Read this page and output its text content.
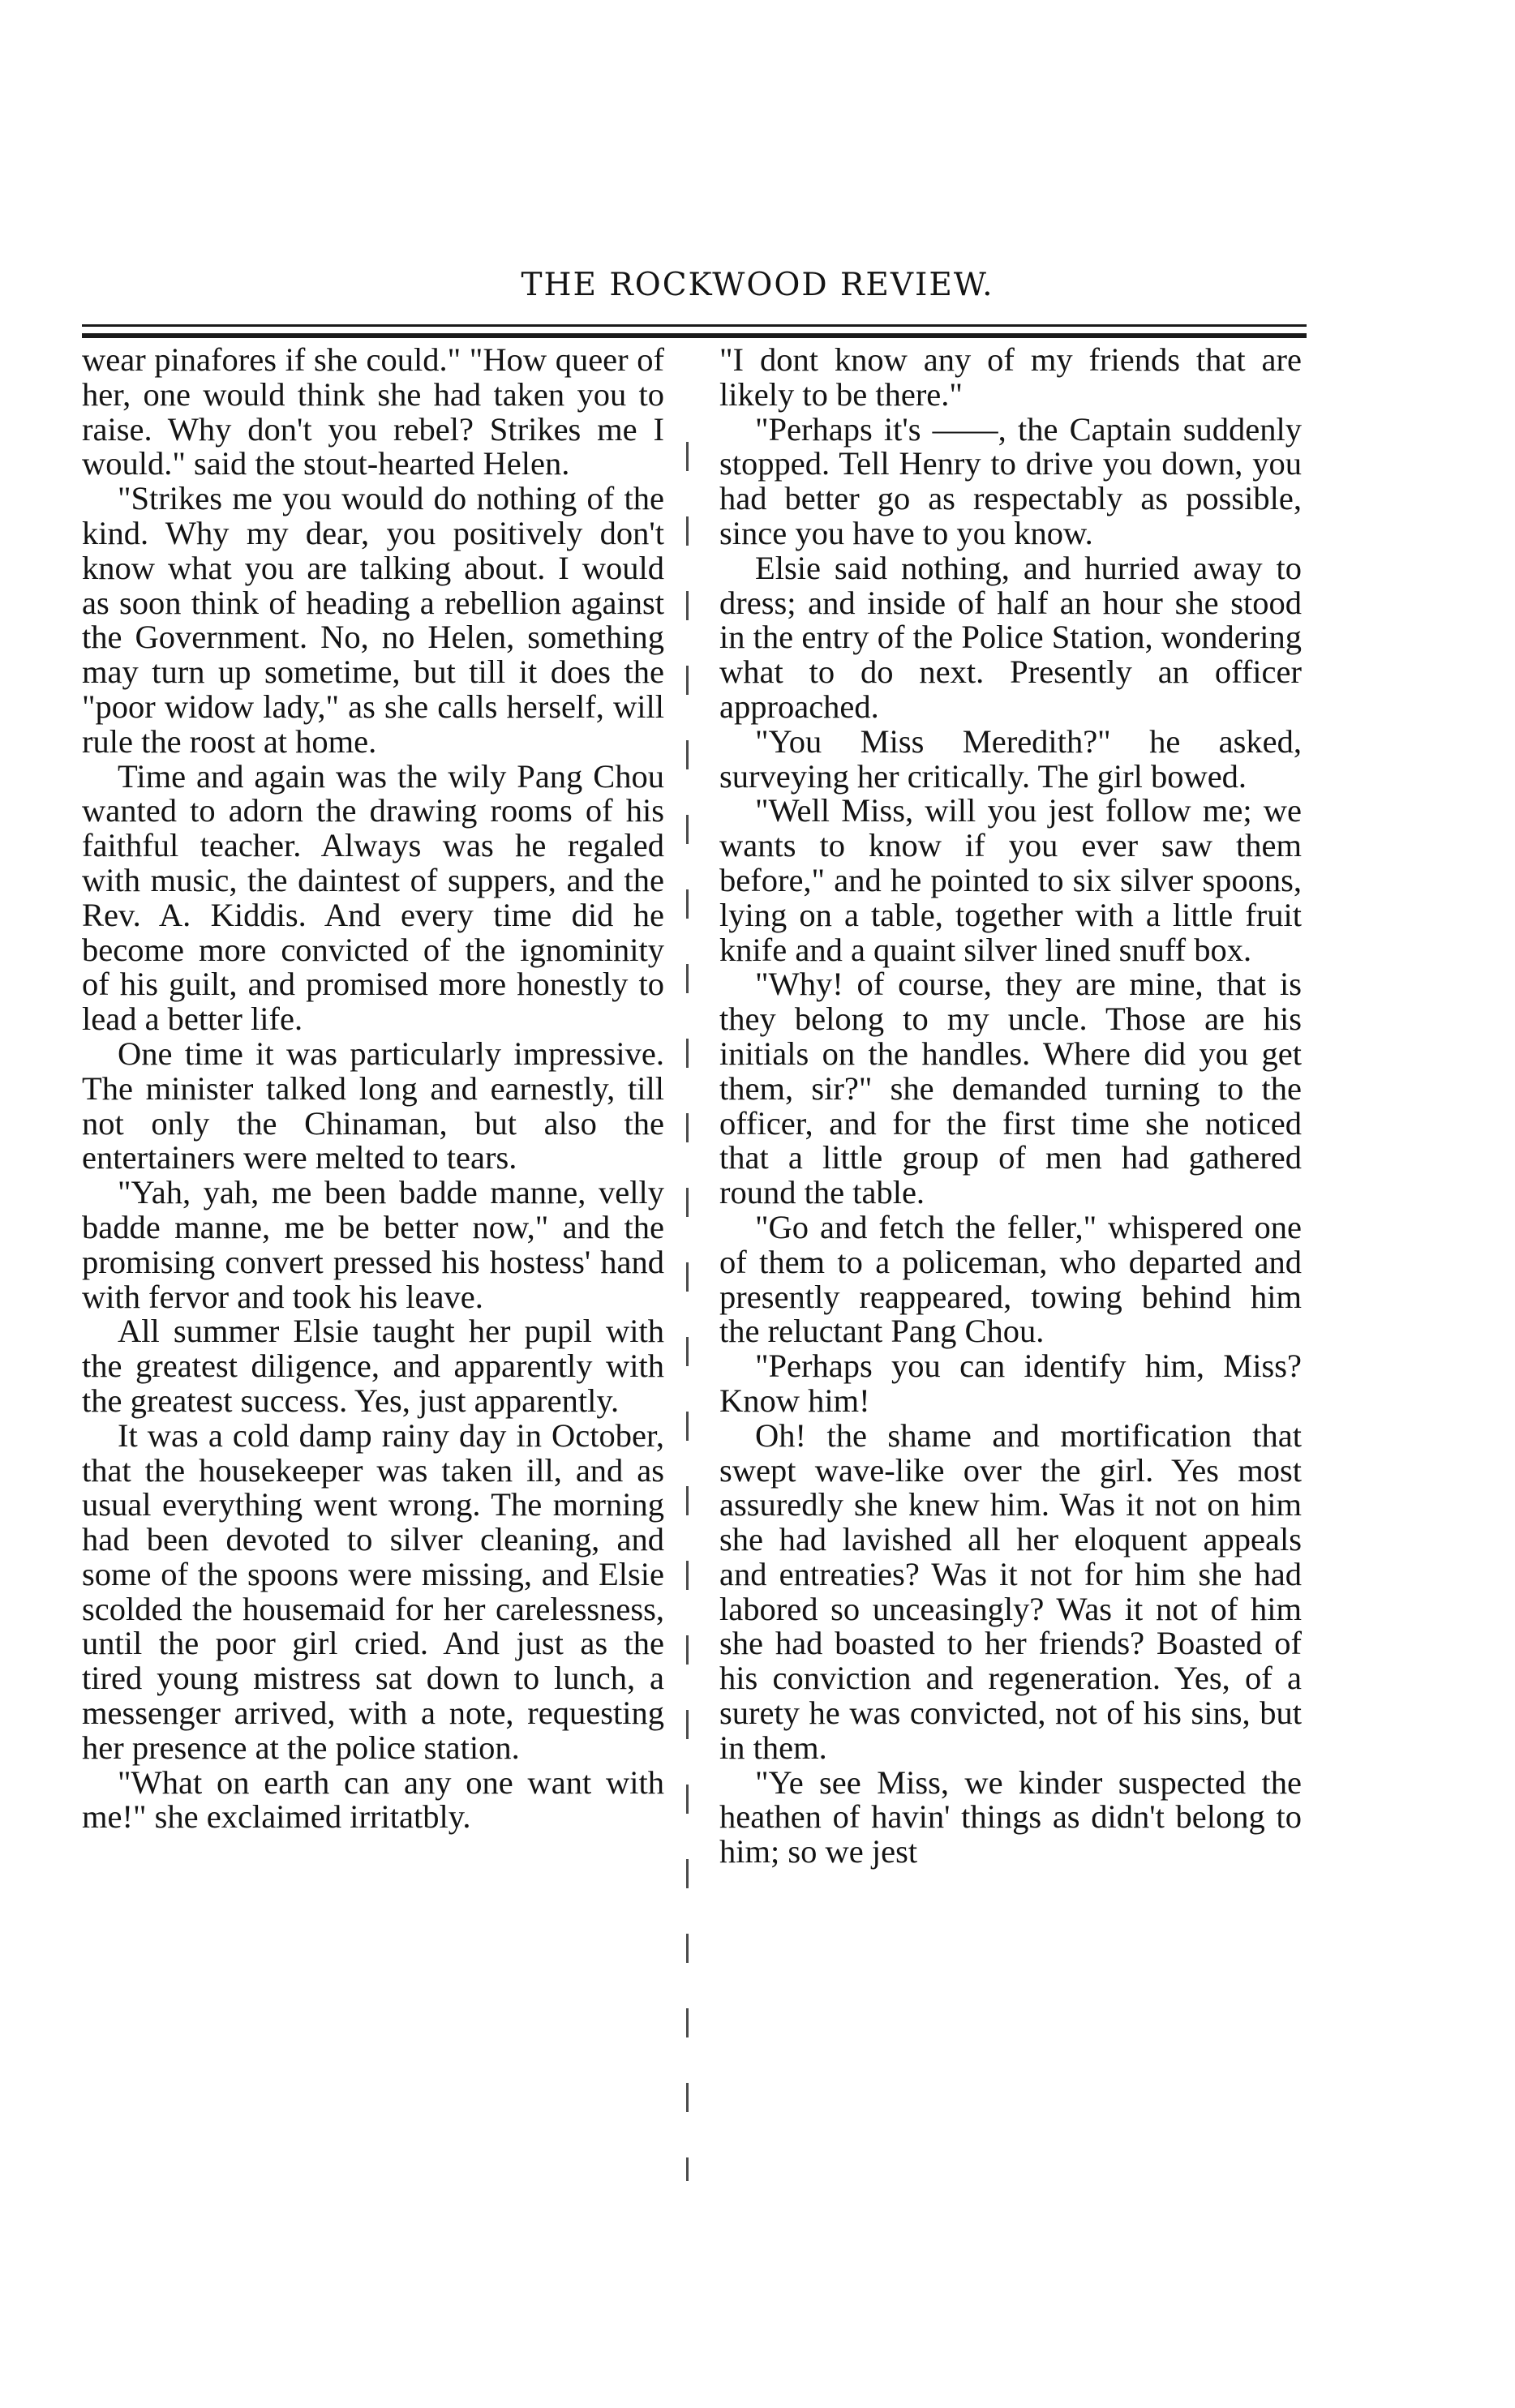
THE ROCKWOOD REVIEW.

wear pinafores if she could." "How queer of her, one would think she had taken you to raise. Why don't you rebel? Strikes me I would." said the stout-hearted Helen.

"Strikes me you would do nothing of the kind. Why my dear, you positively don't know what you are talking about. I would as soon think of heading a rebellion against the Government. No, no Helen, something may turn up sometime, but till it does the "poor widow lady," as she calls herself, will rule the roost at home.

Time and again was the wily Pang Chou wanted to adorn the drawing rooms of his faithful teacher. Always was he regaled with music, the daintest of suppers, and the Rev. A. Kiddis. And every time did he become more convicted of the ignominity of his guilt, and promised more honestly to lead a better life.

One time it was particularly impressive. The minister talked long and earnestly, till not only the Chinaman, but also the entertainers were melted to tears.

"Yah, yah, me been badde manne, velly badde manne, me be better now," and the promising convert pressed his hostess' hand with fervor and took his leave.

All summer Elsie taught her pupil with the greatest diligence, and apparently with the greatest success. Yes, just apparently.

It was a cold damp rainy day in October, that the housekeeper was taken ill, and as usual everything went wrong. The morning had been devoted to silver cleaning, and some of the spoons were missing, and Elsie scolded the housemaid for her carelessness, until the poor girl cried. And just as the tired young mistress sat down to lunch, a messenger arrived, with a note, requesting her presence at the police station.

"What on earth can any one want with me!" she exclaimed irritatbly.

"I dont know any of my friends that are likely to be there."

"Perhaps it's ——, the Captain suddenly stopped. Tell Henry to drive you down, you had better go as respectably as possible, since you have to you know.

Elsie said nothing, and hurried away to dress; and inside of half an hour she stood in the entry of the Police Station, wondering what to do next. Presently an officer approached.

"You Miss Meredith?" he asked, surveying her critically. The girl bowed.

"Well Miss, will you jest follow me; we wants to know if you ever saw them before," and he pointed to six silver spoons, lying on a table, together with a little fruit knife and a quaint silver lined snuff box.

"Why! of course, they are mine, that is they belong to my uncle. Those are his initials on the handles. Where did you get them, sir?" she demanded turning to the officer, and for the first time she noticed that a little group of men had gathered round the table.

"Go and fetch the feller," whispered one of them to a policeman, who departed and presently reappeared, towing behind him the reluctant Pang Chou.

"Perhaps you can identify him, Miss? Know him!

Oh! the shame and mortification that swept wave-like over the girl. Yes most assuredly she knew him. Was it not on him she had lavished all her eloquent appeals and entreaties? Was it not for him she had labored so unceasingly? Was it not of him she had boasted to her friends? Boasted of his conviction and regeneration. Yes, of a surety he was convicted, not of his sins, but in them.

"Ye see Miss, we kinder suspected the heathen of havin' things as didn't belong to him; so we jest
